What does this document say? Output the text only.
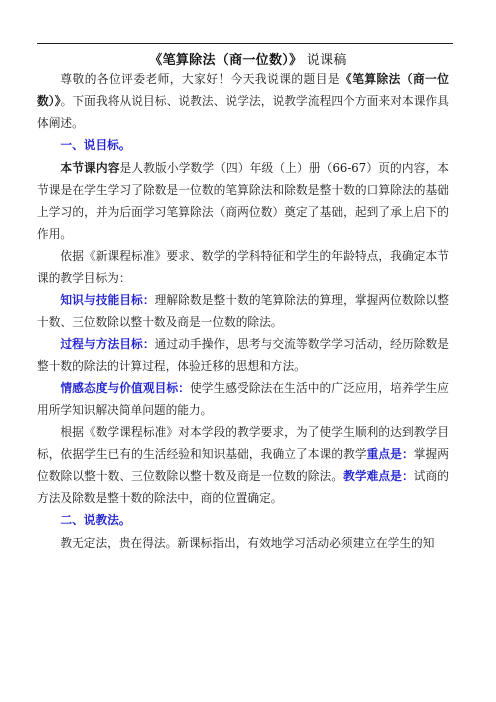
《笔算除法（商一位数）》 说课稿

尊敬的各位评委老师，大家好！今天我说课的题目是《笔算除法（商一位数）》。下面我将从说目标、说教法、说学法，说教学流程四个方面来对本课作具体阐述。

一、说目标。

本节课内容是人教版小学数学（四）年级（上）册（66-67）页的内容，本节课是在学生学习了除数是一位数的笔算除法和除数是整十数的口算除法的基础上学习的，并为后面学习笔算除法（商两位数）奠定了基础，起到了承上启下的作用。

依据《新课程标准》要求、数学的学科特征和学生的年龄特点，我确定本节课的教学目标为：

知识与技能目标：理解除数是整十数的笔算除法的算理，掌握两位数除以整十数、三位数除以整十数及商是一位数的除法。

过程与方法目标：通过动手操作，思考与交流等数学学习活动，经历除数是整十数的除法的计算过程，体验迁移的思想和方法。

情感态度与价值观目标：使学生感受除法在生活中的广泛应用，培养学生应用所学知识解决简单问题的能力。

根据《数学课程标准》对本学段的教学要求，为了使学生顺利的达到教学目标，依据学生已有的生活经验和知识基础，我确立了本课的教学重点是：掌握两位数除以整十数、三位数除以整十数及商是一位数的除法。教学难点是：试商的方法及除数是整十数的除法中，商的位置确定。

二、说教法。

教无定法，贵在得法。新课标指出，有效地学习活动必须建立在学生的知
